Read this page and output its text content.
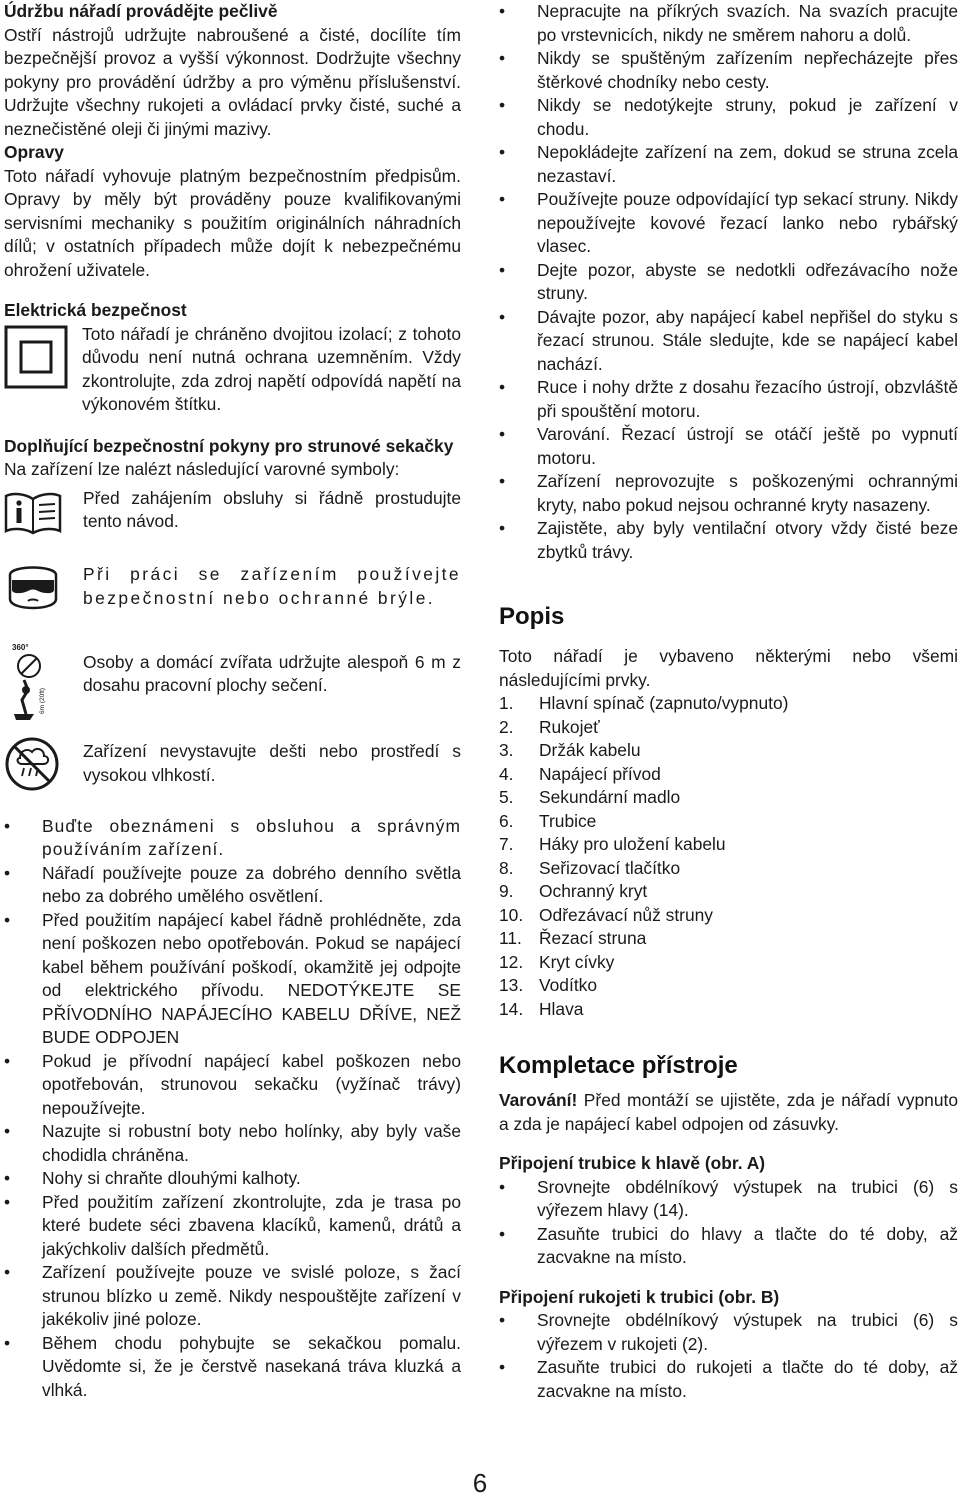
Údržbu nářadí provádějte pečlivě

Ostří nástrojů udržujte nabroušené a čisté, docílíte tím bezpečnější provoz a vyšší výkonnost. Dodržujte všechny pokyny pro provádění údržby a pro výměnu příslušenství. Udržujte všechny rukojeti a ovládací prvky čisté, suché a neznečistěné oleji či jinými mazivy.

Opravy

Toto nářadí vyhovuje platným bezpečnostním předpisům. Opravy by měly být prováděny pouze kvalifikovanými servisními mechaniky s použitím originálních náhradních dílů; v ostatních případech může dojít k nebezpečnému ohrožení uživatele.

Elektrická bezpečnost

Toto nářadí je chráněno dvojitou izolací; z tohoto důvodu není nutná ochrana uzemněním. Vždy zkontrolujte, zda zdroj napětí odpovídá napětí na výkonovém štítku.

Doplňující bezpečnostní pokyny pro strunové sekačky

Na zařízení lze nalézt následující varovné symboly:

Před zahájením obsluhy si řádně prostudujte tento návod.

Při práci se zařízením používejte bezpečnostní nebo ochranné brýle.

360°
6m (20ft)

Osoby a domácí zvířata udržujte alespoň 6 m z dosahu pracovní plochy sečení.

Zařízení nevystavujte dešti nebo prostředí s vysokou vlhkostí.

• Buďte obeznámeni s obsluhou a správným používáním zařízení.
• Nářadí používejte pouze za dobrého denního světla nebo za dobrého umělého osvětlení.
• Před použitím napájecí kabel řádně prohlédněte, zda není poškozen nebo opotřebován. Pokud se napájecí kabel během používání poškodí, okamžitě jej odpojte od elektrického přívodu. NEDOTÝKEJTE SE PŘÍVODNÍHO NAPÁJECÍHO KABELU DŘÍVE, NEŽ BUDE ODPOJEN
• Pokud je přívodní napájecí kabel poškozen nebo opotřebován, strunovou sekačku (vyžínač trávy) nepoužívejte.
• Nazujte si robustní boty nebo holínky, aby byly vaše chodidla chráněna.
• Nohy si chraňte dlouhými kalhoty.
• Před použitím zařízení zkontrolujte, zda je trasa po které budete séci zbavena klacíků, kamenů, drátů a jakýchkoliv dalších předmětů.
• Zařízení používejte pouze ve svislé poloze, s žací strunou blízko u země. Nikdy nespouštějte zařízení v jakékoliv jiné poloze.
• Během chodu pohybujte se sekačkou pomalu. Uvědomte si, že je čerstvě nasekaná tráva kluzká a vlhká.
• Nepracujte na příkrých svazích. Na svazích pracujte po vrstevnicích, nikdy ne směrem nahoru a dolů.
• Nikdy se spuštěným zařízením nepřecházejte přes štěrkové chodníky nebo cesty.
• Nikdy se nedotýkejte struny, pokud je zařízení v chodu.
• Nepokládejte zařízení na zem, dokud se struna zcela nezastaví.
• Používejte pouze odpovídající typ sekací struny. Nikdy nepoužívejte kovové řezací lanko nebo rybářský vlasec.
• Dejte pozor, abyste se nedotkli odřezávacího nože struny.
• Dávajte pozor, aby napájecí kabel nepřišel do styku s řezací strunou. Stále sledujte, kde se napájecí kabel nachází.
• Ruce i nohy držte z dosahu řezacího ústrojí, obzvláště při spouštění motoru.
• Varování. Řezací ústrojí se otáčí ještě po vypnutí motoru.
• Zařízení neprovozujte s poškozenými ochrannými kryty, nabo pokud nejsou ochranné kryty nasazeny.
• Zajistěte, aby byly ventilační otvory vždy čisté beze zbytků trávy.
Popis

Toto nářadí je vybaveno některými nebo všemi následujícími prvky.

1.	Hlavní spínač (zapnuto/vypnuto)
2.	Rukojeť
3.	Držák kabelu
4.	Napájecí přívod
5.	Sekundární madlo
6.	Trubice
7.	Háky pro uložení kabelu
8.	Seřizovací tlačítko
9.	Ochranný kryt
10. Odřezávací nůž struny
11. Řezací struna
12. Kryt cívky
13. Vodítko
14. Hlava
Kompletace přístroje

Varování! Před montáží se ujistěte, zda je nářadí vypnuto a zda je napájecí kabel odpojen od zásuvky.

Připojení trubice k hlavě (obr. A)
• Srovnejte obdélníkový výstupek na trubici (6) s výřezem hlavy (14).
• Zasuňte trubici do hlavy a tlačte do té doby, až zacvakne na místo.
Připojení rukojeti k trubici (obr. B)
• Srovnejte obdélníkový výstupek na trubici (6) s výřezem v rukojeti (2).
• Zasuňte trubici do rukojeti a tlačte do té doby, až zacvakne na místo.
6
